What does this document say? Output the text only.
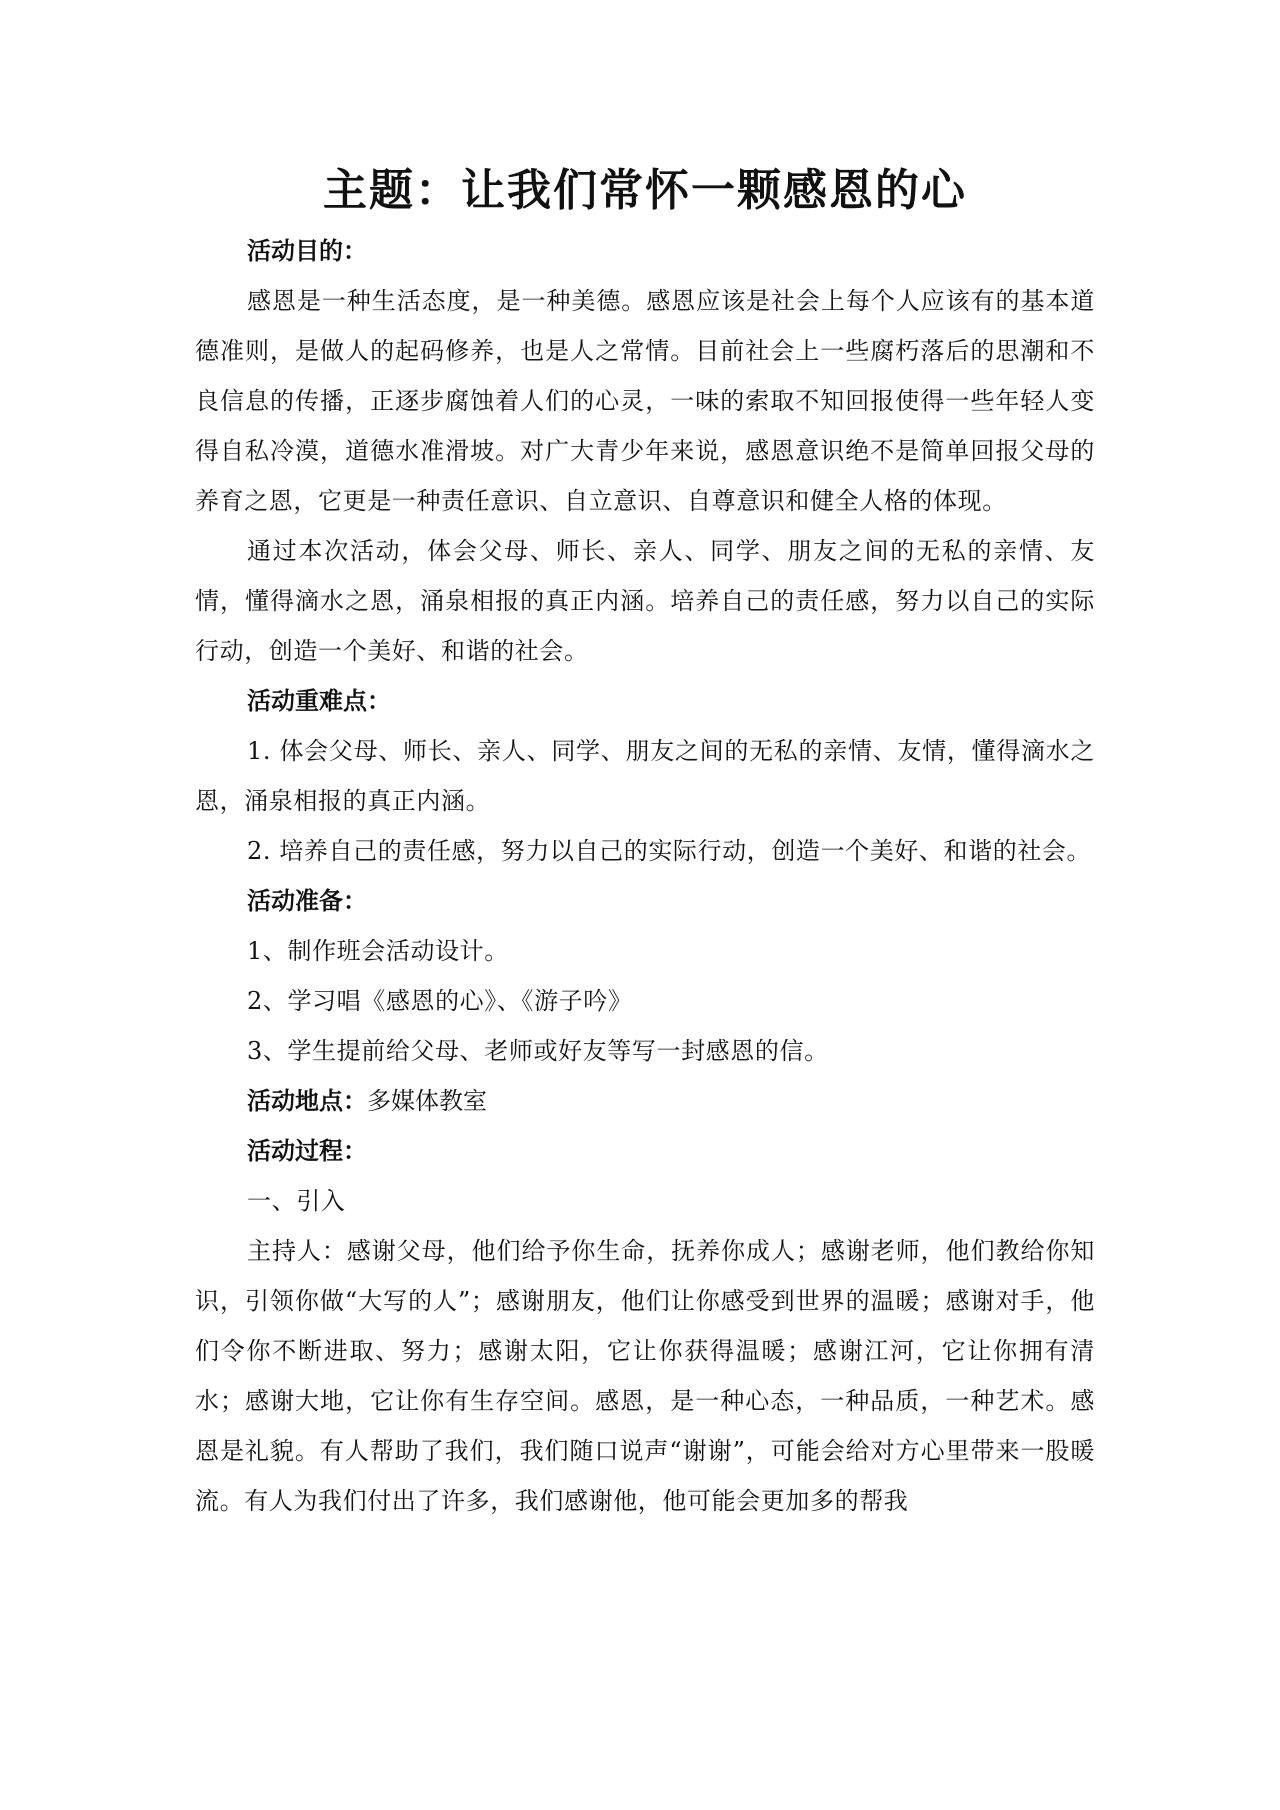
主题：让我们常怀一颗感恩的心

活动目的：

感恩是一种生活态度，是一种美德。感恩应该是社会上每个人应该有的基本道德准则，是做人的起码修养，也是人之常情。目前社会上一些腐朽落后的思潮和不良信息的传播，正逐步腐蚀着人们的心灵，一味的索取不知回报使得一些年轻人变得自私冷漠，道德水准滑坡。对广大青少年来说，感恩意识绝不是简单回报父母的养育之恩，它更是一种责任意识、自立意识、自尊意识和健全人格的体现。

通过本次活动，体会父母、师长、亲人、同学、朋友之间的无私的亲情、友情，懂得滴水之恩，涌泉相报的真正内涵。培养自己的责任感，努力以自己的实际行动，创造一个美好、和谐的社会。

活动重难点：

1. 体会父母、师长、亲人、同学、朋友之间的无私的亲情、友情，懂得滴水之恩，涌泉相报的真正内涵。

2. 培养自己的责任感，努力以自己的实际行动，创造一个美好、和谐的社会。

活动准备：

1、制作班会活动设计。

2、学习唱《感恩的心》、《游子吟》

3、学生提前给父母、老师或好友等写一封感恩的信。

活动地点：多媒体教室

活动过程：

一、引入

主持人：感谢父母，他们给予你生命，抚养你成人；感谢老师，他们教给你知识，引领你做“大写的人”；感谢朋友，他们让你感受到世界的温暖；感谢对手，他们令你不断进取、努力；感谢太阳，它让你获得温暖；感谢江河，它让你拥有清水；感谢大地，它让你有生存空间。感恩，是一种心态，一种品质，一种艺术。感恩是礼貌。有人帮助了我们，我们随口说声“谢谢”，可能会给对方心里带来一股暖流。有人为我们付出了许多，我们感谢他，他可能会更加多的帮我
